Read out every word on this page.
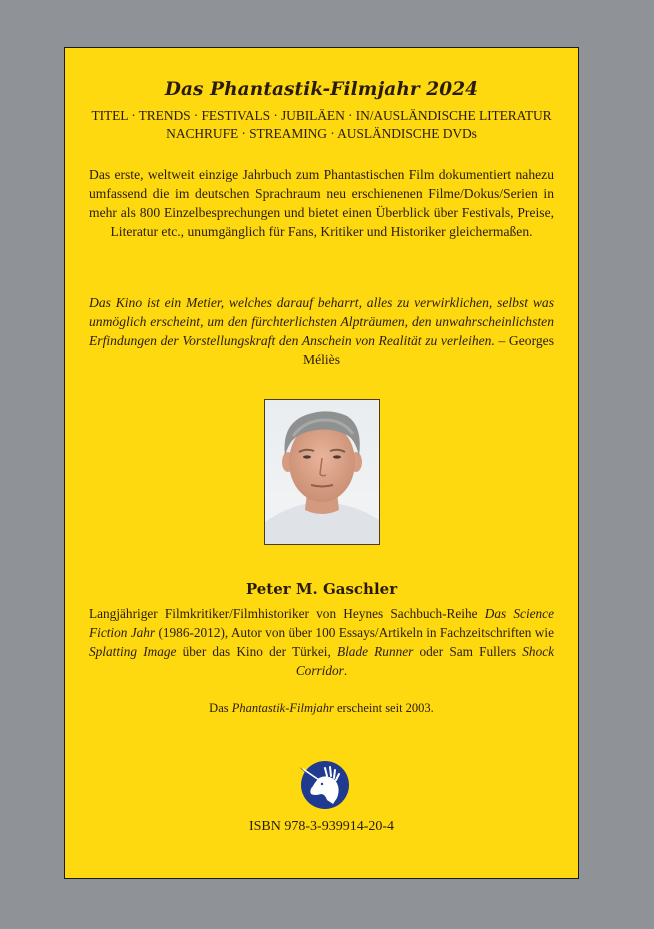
Das Phantastik-Filmjahr 2024
TITEL · TRENDS · FESTIVALS · JUBILÄEN · IN/AUSLÄNDISCHE LITERATUR
NACHRUFE · STREAMING · AUSLÄNDISCHE DVDs
Das erste, weltweit einzige Jahrbuch zum Phantastischen Film dokumentiert nahezu umfassend die im deutschen Sprachraum neu erschienenen Filme/Dokus/Serien in mehr als 800 Einzelbesprechungen und bietet einen Überblick über Festivals, Preise, Literatur etc., unumgänglich für Fans, Kritiker und Historiker gleichermaßen.
Das Kino ist ein Metier, welches darauf beharrt, alles zu verwirklichen, selbst was unmöglich erscheint, um den fürchterlichsten Alpträumen, den unwahrscheinlichsten Erfindungen der Vorstellungskraft den Anschein von Realität zu verleihen. – Georges Méliès
Peter M. Gaschler
Langjähriger Filmkritiker/Filmhistoriker von Heynes Sachbuch-Reihe Das Science Fiction Jahr (1986-2012), Autor von über 100 Essays/Artikeln in Fachzeitschriften wie Splatting Image über das Kino der Türkei, Blade Runner oder Sam Fullers Shock Corridor.
Das Phantastik-Filmjahr erscheint seit 2003.
ISBN 978-3-939914-20-4
